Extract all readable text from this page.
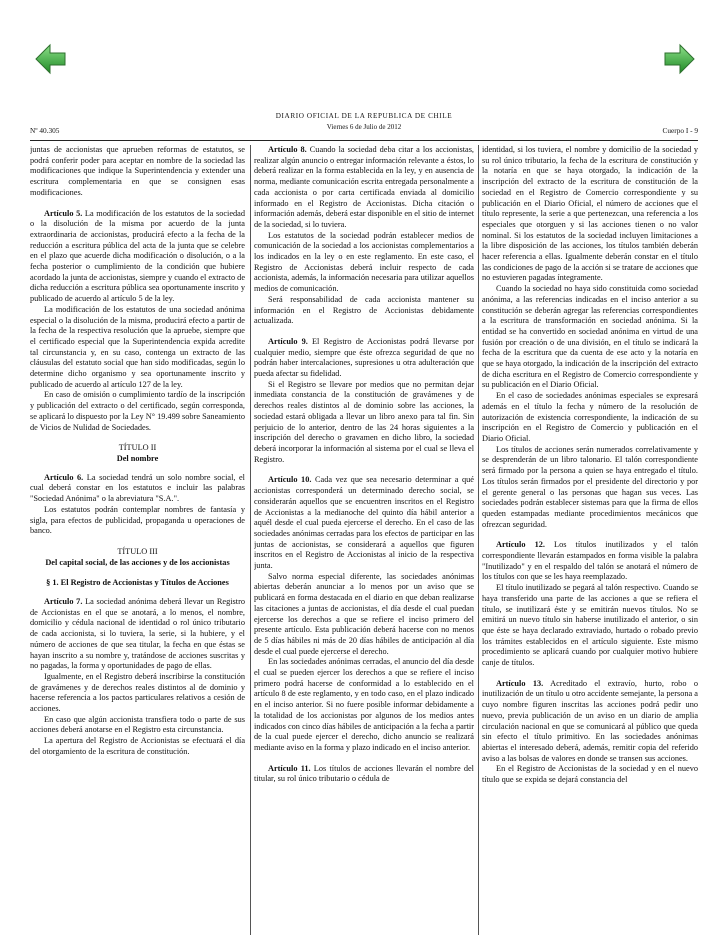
DIARIO OFICIAL DE LA REPUBLICA DE CHILE
Viernes 6 de Julio de 2012
Nº 40.305	Cuerpo I - 9

juntas de accionistas que aprueben reformas de estatutos, se podrá conferir poder para aceptar en nombre de la sociedad las modificaciones que indique la Superintendencia y extender una escritura complementaria en que se consignen esas modificaciones.

Artículo 5. La modificación de los estatutos de la sociedad o la disolución de la misma por acuerdo de la junta extraordinaria de accionistas, producirá efecto a la fecha de la reducción a escritura pública del acta de la junta que se celebre en el plazo que acuerde dicha modificación o disolución, o a la fecha posterior o cumplimiento de la condición que hubiere acordado la junta de accionistas, siempre y cuando el extracto de dicha reducción a escritura pública sea oportunamente inscrito y publicado de acuerdo al artículo 5 de la ley.

La modificación de los estatutos de una sociedad anónima especial o la disolución de la misma, producirá efecto a partir de la fecha de la respectiva resolución que la apruebe, siempre que el certificado especial que la Superintendencia expida acredite tal circunstancia y, en su caso, contenga un extracto de las cláusulas del estatuto social que han sido modificadas, según lo determine dicho organismo y sea oportunamente inscrito y publicado de acuerdo al artículo 127 de la ley.

En caso de omisión o cumplimiento tardío de la inscripción y publicación del extracto o del certificado, según corresponda, se aplicará lo dispuesto por la Ley N° 19.499 sobre Saneamiento de Vicios de Nulidad de Sociedades.

TÍTULO II
Del nombre

Artículo 6. La sociedad tendrá un solo nombre social, el cual deberá constar en los estatutos e incluir las palabras "Sociedad Anónima" o la abreviatura "S.A.".

Los estatutos podrán contemplar nombres de fantasía y sigla, para efectos de publicidad, propaganda u operaciones de banco.

TÍTULO III
Del capital social, de las acciones y de los accionistas
§ 1. El Registro de Accionistas y Títulos de Acciones

Artículo 7. La sociedad anónima deberá llevar un Registro de Accionistas en el que se anotará, a lo menos, el nombre, domicilio y cédula nacional de identidad o rol único tributario de cada accionista, si lo tuviera, la serie, si la hubiere, y el número de acciones de que sea titular, la fecha en que éstas se hayan inscrito a su nombre y, tratándose de acciones suscritas y no pagadas, la forma y oportunidades de pago de ellas.

Igualmente, en el Registro deberá inscribirse la constitución de gravámenes y de derechos reales distintos al de dominio y hacerse referencia a los pactos particulares relativos a cesión de acciones.

En caso que algún accionista transfiera todo o parte de sus acciones deberá anotarse en el Registro esta circunstancia.

La apertura del Registro de Accionistas se efectuará el día del otorgamiento de la escritura de constitución.

Artículo 8. Cuando la sociedad deba citar a los accionistas, realizar algún anuncio o entregar información relevante a éstos, lo deberá realizar en la forma establecida en la ley, y en ausencia de norma, mediante comunicación escrita entregada personalmente a cada accionista o por carta certificada enviada al domicilio informado en el Registro de Accionistas. Dicha citación o información además, deberá estar disponible en el sitio de internet de la sociedad, si lo tuviera.

Los estatutos de la sociedad podrán establecer medios de comunicación de la sociedad a los accionistas complementarios a los indicados en la ley o en este reglamento. En este caso, el Registro de Accionistas deberá incluir respecto de cada accionista, además, la información necesaria para utilizar aquellos medios de comunicación.

Será responsabilidad de cada accionista mantener su información en el Registro de Accionistas debidamente actualizada.

Artículo 9. El Registro de Accionistas podrá llevarse por cualquier medio, siempre que éste ofrezca seguridad de que no podrán haber intercalaciones, supresiones u otra adulteración que pueda afectar su fidelidad.

Si el Registro se llevare por medios que no permitan dejar inmediata constancia de la constitución de gravámenes y de derechos reales distintos al de dominio sobre las acciones, la sociedad estará obligada a llevar un libro anexo para tal fin. Sin perjuicio de lo anterior, dentro de las 24 horas siguientes a la inscripción del derecho o gravamen en dicho libro, la sociedad deberá incorporar la información al sistema por el cual se lleva el Registro.

Artículo 10. Cada vez que sea necesario determinar a qué accionistas corresponderá un determinado derecho social, se considerarán aquellos que se encuentren inscritos en el Registro de Accionistas a la medianoche del quinto día hábil anterior a aquél desde el cual pueda ejercerse el derecho. En el caso de las sociedades anónimas cerradas para los efectos de participar en las juntas de accionistas, se considerará a aquellos que figuren inscritos en el Registro de Accionistas al inicio de la respectiva junta.

Salvo norma especial diferente, las sociedades anónimas abiertas deberán anunciar a lo menos por un aviso que se publicará en forma destacada en el diario en que deban realizarse las citaciones a juntas de accionistas, el día desde el cual puedan ejercerse los derechos a que se refiere el inciso primero del presente artículo. Esta publicación deberá hacerse con no menos de 5 días hábiles ni más de 20 días hábiles de anticipación al día desde el cual puede ejercerse el derecho.

En las sociedades anónimas cerradas, el anuncio del día desde el cual se pueden ejercer los derechos a que se refiere el inciso primero podrá hacerse de conformidad a lo establecido en el artículo 8 de este reglamento, y en todo caso, en el plazo indicado en el inciso anterior. Si no fuere posible informar debidamente a la totalidad de los accionistas por algunos de los medios antes indicados con cinco días hábiles de anticipación a la fecha a partir de la cual puede ejercer el derecho, dicho anuncio se realizará mediante aviso en la forma y plazo indicado en el inciso anterior.

Artículo 11. Los títulos de acciones llevarán el nombre del titular, su rol único tributario o cédula de

identidad, si los tuviera, el nombre y domicilio de la sociedad y su rol único tributario, la fecha de la escritura de constitución y la notaría en que se haya otorgado, la indicación de la inscripción del extracto de la escritura de constitución de la sociedad en el Registro de Comercio correspondiente y su publicación en el Diario Oficial, el número de acciones que el título represente, la serie a que pertenezcan, una referencia a los especiales que otorguen y si las acciones tienen o no valor nominal. Si los estatutos de la sociedad incluyen limitaciones a la libre disposición de las acciones, los títulos también deberán hacer referencia a ellas. Igualmente deberán constar en el título las condiciones de pago de la acción si se tratare de acciones que no estuvieren pagadas íntegramente.

Cuando la sociedad no haya sido constituida como sociedad anónima, a las referencias indicadas en el inciso anterior a su constitución se deberán agregar las referencias correspondientes a la escritura de transformación en sociedad anónima. Si la entidad se ha convertido en sociedad anónima en virtud de una fusión por creación o de una división, en el título se indicará la fecha de la escritura que da cuenta de ese acto y la notaría en que se haya otorgado, la indicación de la inscripción del extracto de dicha escritura en el Registro de Comercio correspondiente y su publicación en el Diario Oficial.

En el caso de sociedades anónimas especiales se expresará además en el título la fecha y número de la resolución de autorización de existencia correspondiente, la indicación de su inscripción en el Registro de Comercio y publicación en el Diario Oficial.

Los títulos de acciones serán numerados correlativamente y se desprenderán de un libro talonario. El talón correspondiente será firmado por la persona a quien se haya entregado el título. Los títulos serán firmados por el presidente del directorio y por el gerente general o las personas que hagan sus veces. Las sociedades podrán establecer sistemas para que la firma de ellos queden estampadas mediante procedimientos mecánicos que ofrezcan seguridad.

Artículo 12. Los títulos inutilizados y el talón correspondiente llevarán estampados en forma visible la palabra "Inutilizado" y en el respaldo del talón se anotará el número de los títulos con que se les haya reemplazado.

El título inutilizado se pegará al talón respectivo. Cuando se haya transferido una parte de las acciones a que se refiera el título, se inutilizará éste y se emitirán nuevos títulos. No se emitirá un nuevo título sin haberse inutilizado el anterior, o sin que éste se haya declarado extraviado, hurtado o robado previo los trámites establecidos en el artículo siguiente. Este mismo procedimiento se aplicará cuando por cualquier motivo hubiere canje de títulos.

Artículo 13. Acreditado el extravío, hurto, robo o inutilización de un título u otro accidente semejante, la persona a cuyo nombre figuren inscritas las acciones podrá pedir uno nuevo, previa publicación de un aviso en un diario de amplia circulación nacional en que se comunicará al público que queda sin efecto el título primitivo. En las sociedades anónimas abiertas el interesado deberá, además, remitir copia del referido aviso a las bolsas de valores en donde se transen sus acciones.

En el Registro de Accionistas de la sociedad y en el nuevo título que se expida se dejará constancia del
